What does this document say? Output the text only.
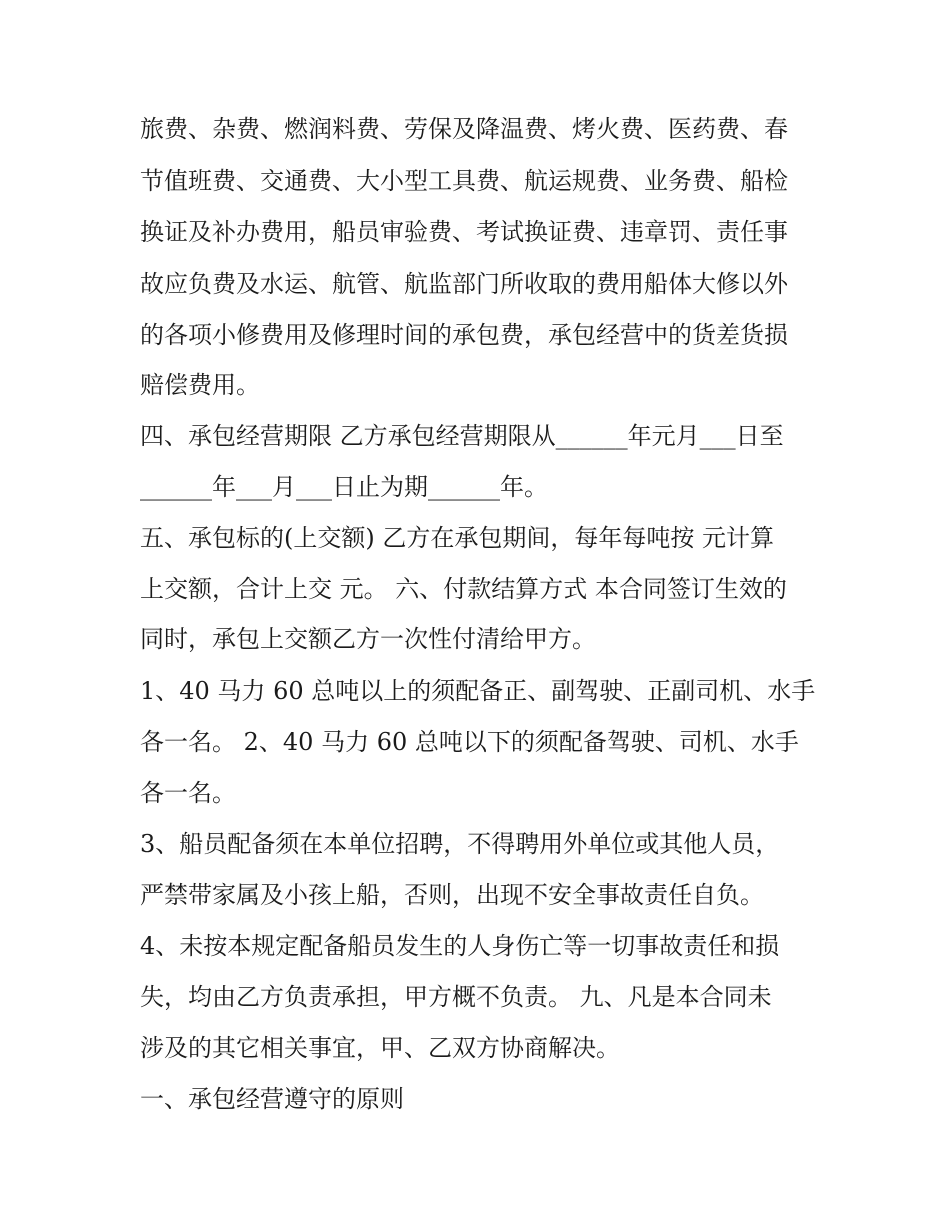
旅费、杂费、燃润料费、劳保及降温费、烤火费、医药费、春
节值班费、交通费、大小型工具费、航运规费、业务费、船检
换证及补办费用，船员审验费、考试换证费、违章罚、责任事
故应负费及水运、航管、航监部门所收取的费用船体大修以外
的各项小修费用及修理时间的承包费，承包经营中的货差货损
赔偿费用。
四、承包经营期限 乙方承包经营期限从______年元月___日至
______年___月___日止为期______年。
五、承包标的(上交额) 乙方在承包期间，每年每吨按 元计算
上交额，合计上交 元。 六、付款结算方式 本合同签订生效的
同时，承包上交额乙方一次性付清给甲方。
1、40 马力 60 总吨以上的须配备正、副驾驶、正副司机、水手
各一名。 2、40 马力 60 总吨以下的须配备驾驶、司机、水手
各一名。
3、船员配备须在本单位招聘，不得聘用外单位或其他人员，
严禁带家属及小孩上船，否则，出现不安全事故责任自负。
4、未按本规定配备船员发生的人身伤亡等一切事故责任和损
失，均由乙方负责承担，甲方概不负责。 九、凡是本合同未
涉及的其它相关事宜，甲、乙双方协商解决。
一、承包经营遵守的原则
